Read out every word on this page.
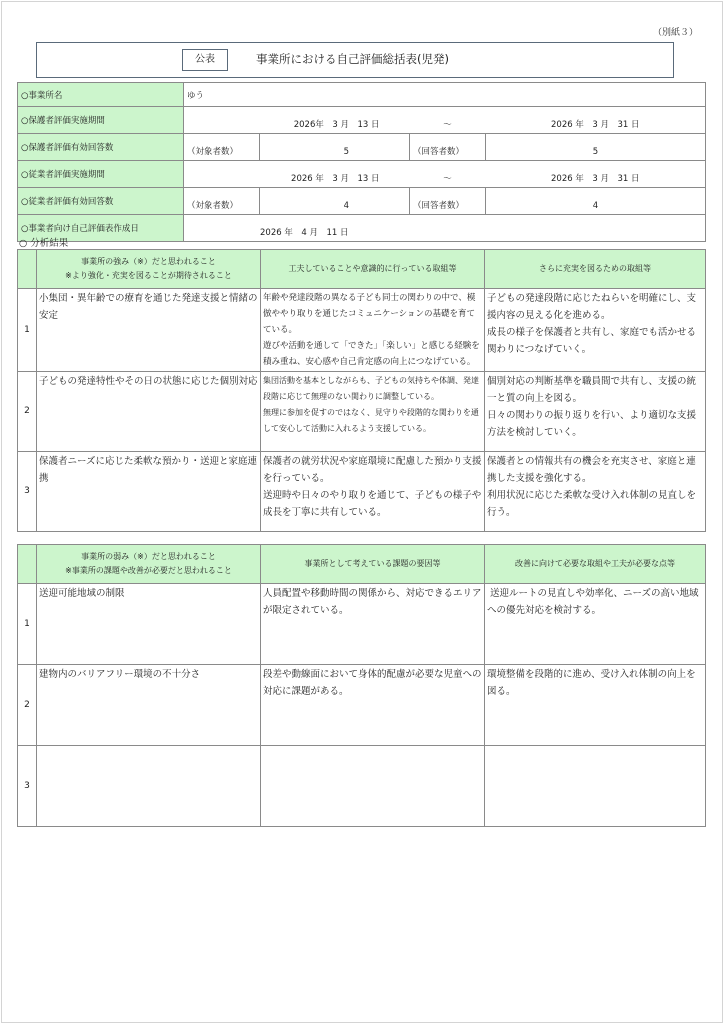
（別紙３）
公表	事業所における自己評価総括表(児発)
○事業所名	ゆう			
○保護者評価実施期間	2026年　3 月　13 日		～	2026 年　3 月　31 日
○保護者評価有効回答数	（対象者数）	5	（回答者数）	5
○従業者評価実施期間	2026 年　3 月　13 日		～	2026 年　3 月　31 日
○従業者評価有効回答数	（対象者数）	4	（回答者数）	4
○事業者向け自己評価表作成日	2026 年　4 月　11 日			
○ 分析結果

	事業所の強み（※）だと思われること
※より強化・充実を図ることが期待されること	工夫していることや意識的に行っている取組等	さらに充実を図るための取組等
1	小集団・異年齢での療育を通じた発達支援と情緒の安定	年齢や発達段階の異なる子ども同士の関わりの中で、模倣ややり取りを通じたコミュニケーションの基礎を育てている。
遊びや活動を通して「できた」「楽しい」と感じる経験を積み重ね、安心感や自己肯定感の向上につなげている。	子どもの発達段階に応じたねらいを明確にし、支援内容の見える化を進める。
成長の様子を保護者と共有し、家庭でも活かせる関わりにつなげていく。
2	子どもの発達特性やその日の状態に応じた個別対応	集団活動を基本としながらも、子どもの気持ちや体調、発達段階に応じて無理のない関わりに調整している。
無理に参加を促すのではなく、見守りや段階的な関わりを通して安心して活動に入れるよう支援している。	個別対応の判断基準を職員間で共有し、支援の統一と質の向上を図る。
日々の関わりの振り返りを行い、より適切な支援方法を検討していく。
3	保護者ニーズに応じた柔軟な預かり・送迎と家庭連携	保護者の就労状況や家庭環境に配慮した預かり支援を行っている。
送迎時や日々のやり取りを通じて、子どもの様子や成長を丁寧に共有している。	保護者との情報共有の機会を充実させ、家庭と連携した支援を強化する。
利用状況に応じた柔軟な受け入れ体制の見直しを行う。

	事業所の弱み（※）だと思われること
※事業所の課題や改善が必要だと思われること	事業所として考えている課題の要因等	改善に向けて必要な取組や工夫が必要な点等
1	送迎可能地域の制限	人員配置や移動時間の関係から、対応できるエリアが限定されている。	送迎ルートの見直しや効率化、ニーズの高い地域への優先対応を検討する。
2	建物内のバリアフリー環境の不十分さ	段差や動線面において身体的配慮が必要な児童への対応に課題がある。	環境整備を段階的に進め、受け入れ体制の向上を図る。
3			
